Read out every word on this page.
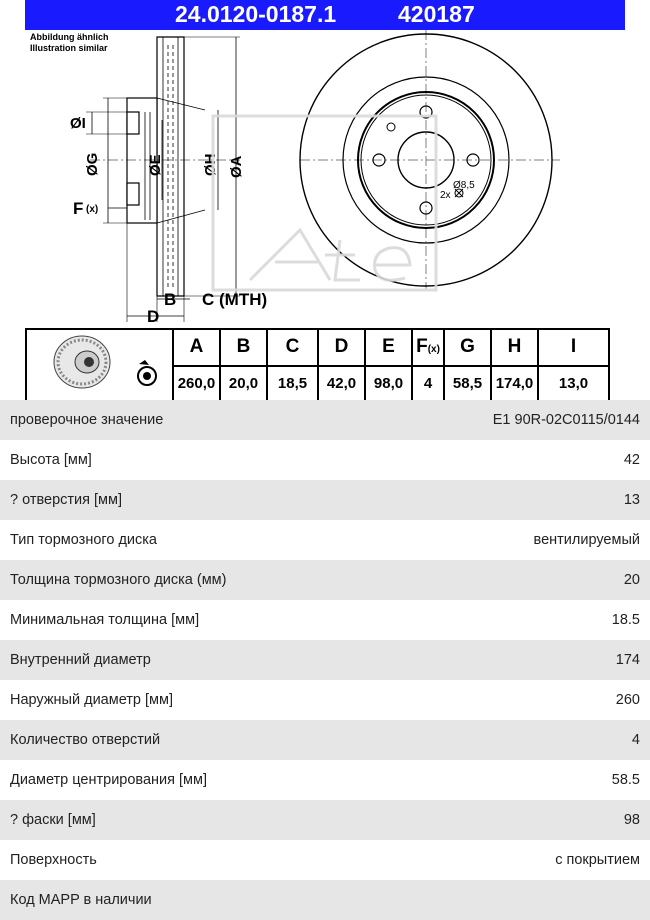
24.0120-0187.1	420187
Abbildung ähnlich
Illustration similar
ØI
ØG	ØE	ØH ØA
F (x)
B C (MTH)
D
Ø8,5
2x
	A	B	C	D	E	F(x)	G	H	I
	260,0	20,0	18,5	42,0	98,0	4	58,5	174,0	13,0
проверочное значение	E1 90R-02C0115/0144
Высота [мм]	42
? отверстия [мм]	13
Тип тормозного диска	вентилируемый
Толщина тормозного диска (мм)	20
Минимальная толщина [мм]	18.5
Внутренний диаметр	174
Наружный диаметр [мм]	260
Количество отверстий	4
Диаметр центрирования [мм]	58.5
? фаски [мм]	98
Поверхность	с покрытием
Код MAPP в наличии
